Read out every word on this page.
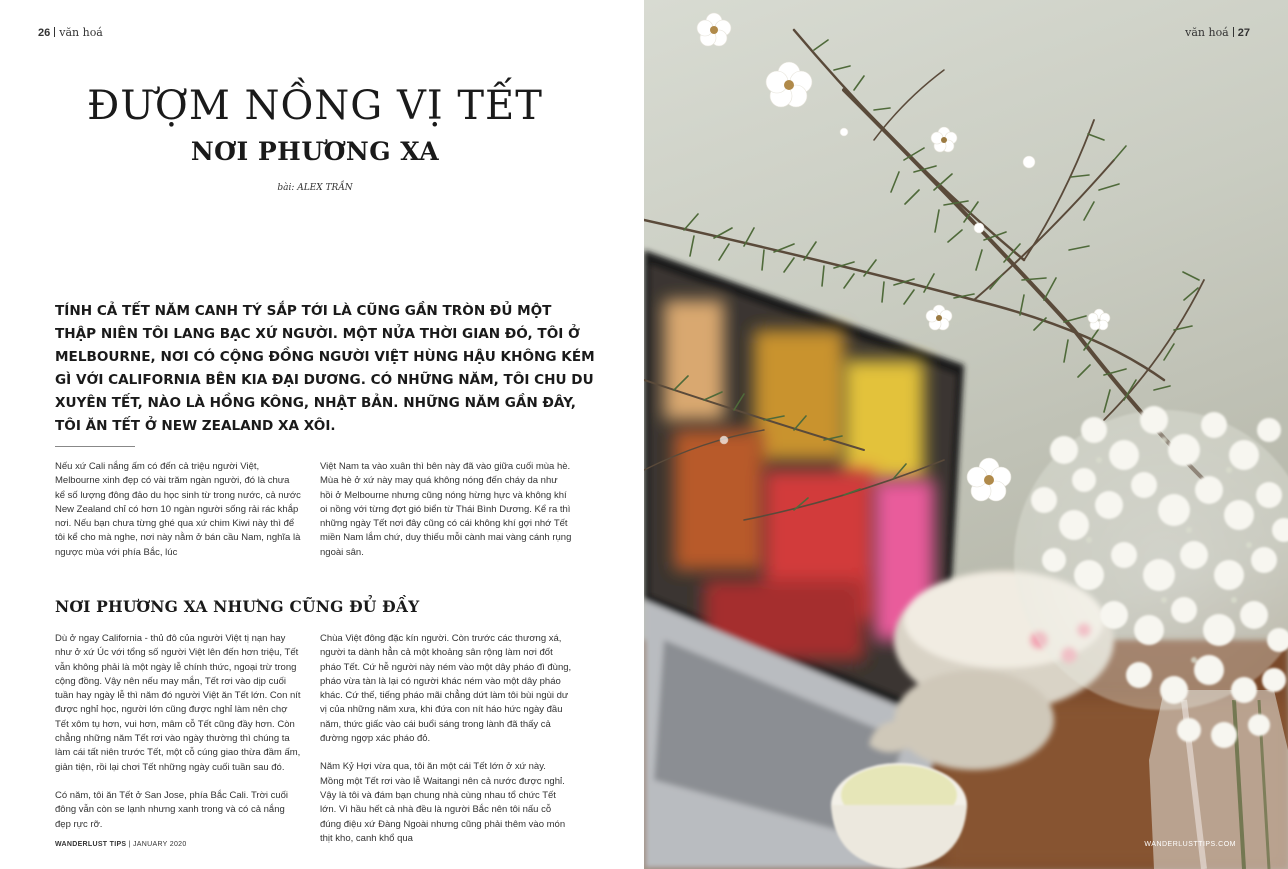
26 văn hoá
ĐƯỢM NỒNG VỊ TẾT
NƠI PHƯƠNG XA
bài: ALEX TRẦN
TÍNH CẢ TẾT NĂM CANH TÝ SẮP TỚI LÀ CŨNG GẦN TRÒN ĐỦ MỘT THẬP NIÊN TÔI LANG BẠC XỨ NGƯỜI. MỘT NỬA THỜI GIAN ĐÓ, TÔI Ở MELBOURNE, NƠI CÓ CỘNG ĐỒNG NGƯỜI VIỆT HÙNG HẬU KHÔNG KÉM GÌ VỚI CALIFORNIA BÊN KIA ĐẠI DƯƠNG. CÓ NHỮNG NĂM, TÔI CHU DU XUYÊN TẾT, NÀO LÀ HỒNG KÔNG, NHẬT BẢN. NHỮNG NĂM GẦN ĐÂY, TÔI ĂN TẾT Ở NEW ZEALAND XA XÔI.

Nếu xứ Cali nắng ấm có đến cả triệu người Việt, Melbourne xinh đẹp có vài trăm ngàn người, đó là chưa kể số lượng đông đảo du học sinh từ trong nước, cả nước New Zealand chỉ có hơn 10 ngàn người sống rải rác khắp nơi. Nếu bạn chưa từng ghé qua xứ chim Kiwi này thì để tôi kể cho mà nghe, nơi này nằm ở bán cầu Nam, nghĩa là ngược mùa với phía Bắc, lúc

Việt Nam ta vào xuân thì bên này đã vào giữa cuối mùa hè. Mùa hè ở xứ này may quá không nóng đến cháy da như hồi ở Melbourne nhưng cũng nóng hừng hực và không khí oi nồng với từng đợt gió biển từ Thái Bình Dương. Kể ra thì những ngày Tết nơi đây cũng có cái không khí gợi nhớ Tết miền Nam lắm chứ, duy thiếu mỗi cành mai vàng cánh rụng ngoài sân.

NƠI PHƯƠNG XA NHƯNG CŨNG ĐỦ ĐẦY

Dù ở ngay California - thủ đô của người Việt tị nạn hay như ở xứ Úc với tổng số người Việt lên đến hơn triệu, Tết vẫn không phải là một ngày lễ chính thức, ngoại trừ trong cộng đồng. Vậy nên nếu may mắn, Tết rơi vào dịp cuối tuần hay ngày lễ thì năm đó người Việt ăn Tết lớn. Con nít được nghỉ học, người lớn cũng được nghỉ làm nên chợ Tết xôm tụ hơn, vui hơn, mâm cỗ Tết cũng đầy hơn. Còn chẳng những năm Tết rơi vào ngày thường thì chúng ta làm cái tất niên trước Tết, một cỗ cúng giao thừa đầm ấm, giản tiện, rồi lại chơi Tết những ngày cuối tuần sau đó.

Có năm, tôi ăn Tết ở San Jose, phía Bắc Cali. Trời cuối đông vẫn còn se lạnh nhưng xanh trong và có cả nắng đẹp rực rỡ.

Chùa Việt đông đặc kín người. Còn trước các thương xá, người ta dành hẳn cả một khoảng sân rộng làm nơi đốt pháo Tết. Cứ hễ người này ném vào một dây pháo đì đùng, pháo vừa tàn là lại có người khác ném vào một dây pháo khác. Cứ thế, tiếng pháo mãi chẳng dứt làm tôi bùi ngùi dư vị của những năm xưa, khi đứa con nít háo hức ngày đầu năm, thức giấc vào cái buổi sáng trong lành đã thấy cả đường ngợp xác pháo đỏ.

Năm Kỷ Hợi vừa qua, tôi ăn một cái Tết lớn ở xứ này. Mồng một Tết rơi vào lễ Waitangi nên cả nước được nghỉ. Vậy là tôi và đám bạn chung nhà cùng nhau tổ chức Tết lớn. Vì hầu hết cả nhà đều là người Bắc nên tôi nấu cỗ đúng điệu xứ Đàng Ngoài nhưng cũng phải thêm vào món thịt kho, canh khổ qua

WANDERLUST TIPS | JANUARY 2020
văn hoá 27
WANDERLUSTTIPS.COM
